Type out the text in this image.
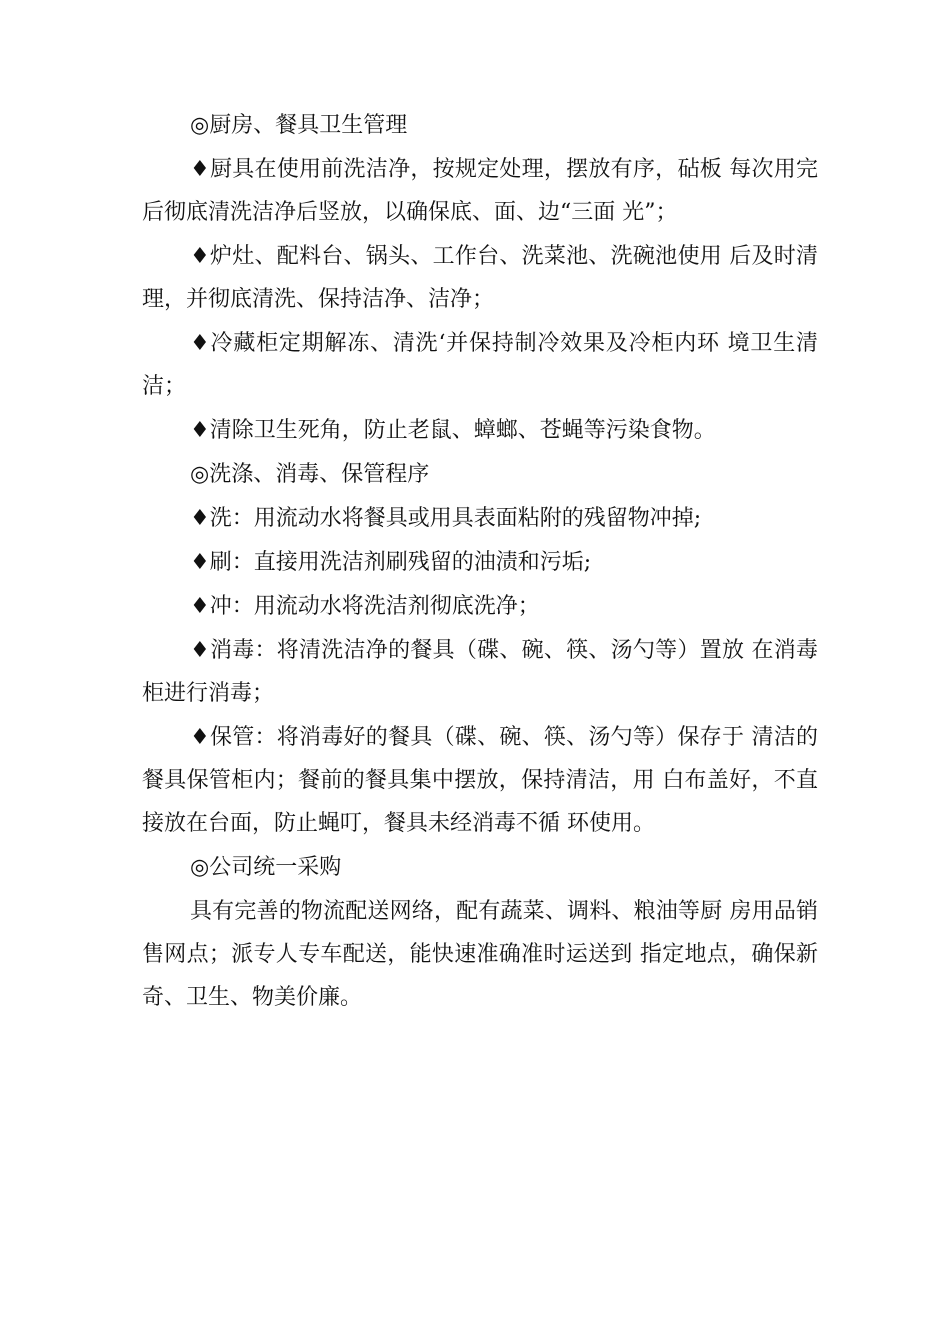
◎厨房、餐具卫生管理

♦厨具在使用前洗洁净，按规定处理，摆放有序，砧板 每次用完后彻底清洗洁净后竖放，以确保底、面、边“三面 光”；

♦炉灶、配料台、锅头、工作台、洗菜池、洗碗池使用 后及时清理，并彻底清洗、保持洁净、洁净；

♦冷藏柜定期解冻、清洗‘并保持制冷效果及冷柜内环 境卫生清洁；

♦清除卫生死角，防止老鼠、蟑螂、苍蝇等污染食物。

◎洗涤、消毒、保管程序

♦洗：用流动水将餐具或用具表面粘附的残留物冲掉;

♦刷：直接用洗洁剂刷残留的油渍和污垢;

♦冲：用流动水将洗洁剂彻底洗净；

♦消毒：将清洗洁净的餐具（碟、碗、筷、汤勺等）置放 在消毒柜进行消毒；

♦保管：将消毒好的餐具（碟、碗、筷、汤勺等）保存于 清洁的餐具保管柜内；餐前的餐具集中摆放，保持清洁，用 白布盖好，不直接放在台面，防止蝇叮，餐具未经消毒不循 环使用。

◎公司统一采购

具有完善的物流配送网络，配有蔬菜、调料、粮油等厨 房用品销售网点；派专人专车配送，能快速准确准时运送到 指定地点，确保新奇、卫生、物美价廉。
